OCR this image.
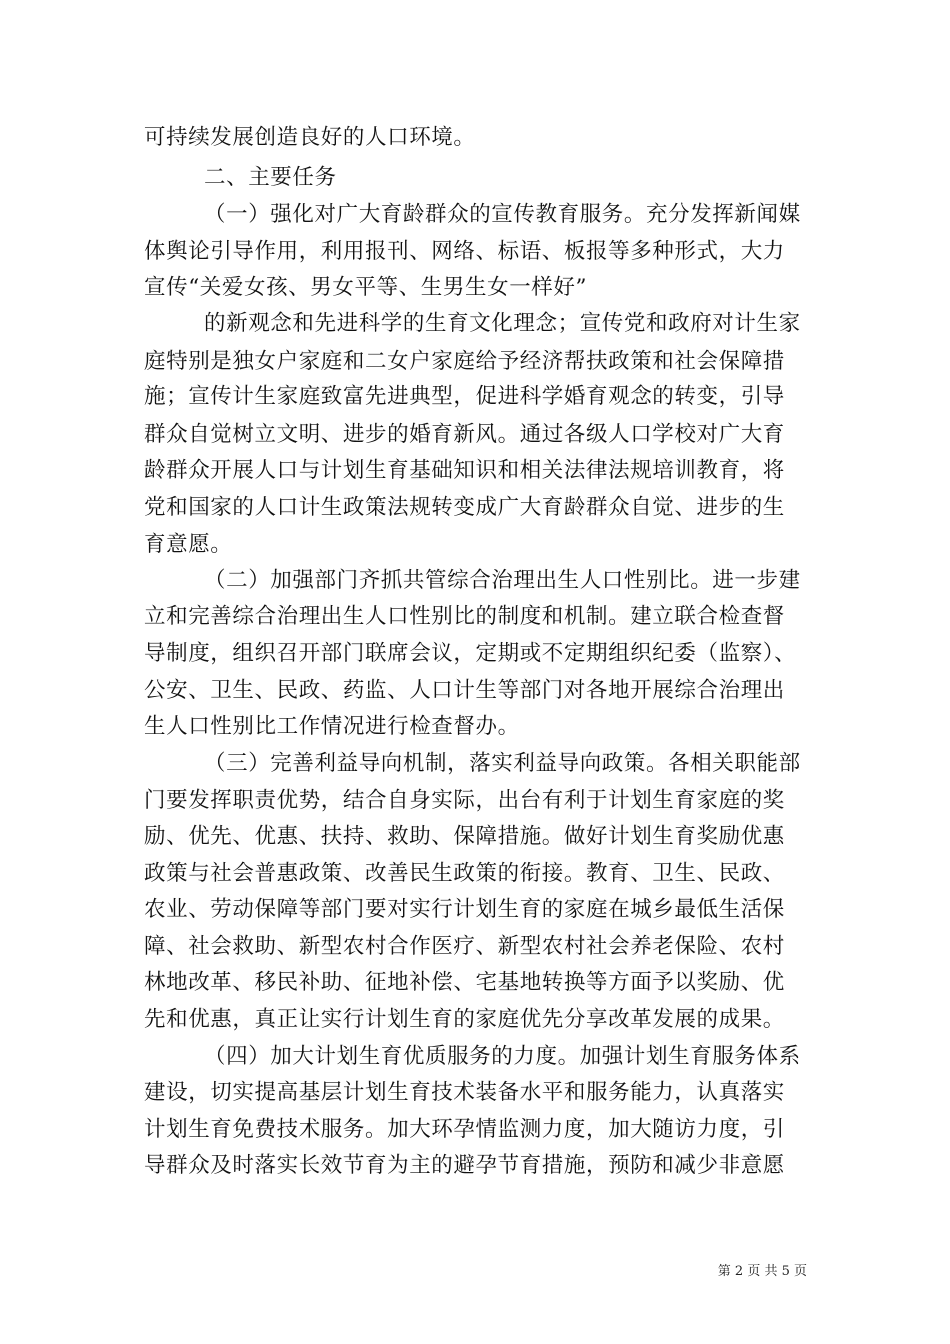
可持续发展创造良好的人口环境。
二、主要任务
（一）强化对广大育龄群众的宣传教育服务。充分发挥新闻媒
体舆论引导作用，利用报刊、网络、标语、板报等多种形式，大力
宣传“关爱女孩、男女平等、生男生女一样好”
的新观念和先进科学的生育文化理念；宣传党和政府对计生家
庭特别是独女户家庭和二女户家庭给予经济帮扶政策和社会保障措
施；宣传计生家庭致富先进典型，促进科学婚育观念的转变，引导
群众自觉树立文明、进步的婚育新风。通过各级人口学校对广大育
龄群众开展人口与计划生育基础知识和相关法律法规培训教育，将
党和国家的人口计生政策法规转变成广大育龄群众自觉、进步的生
育意愿。
（二）加强部门齐抓共管综合治理出生人口性别比。进一步建
立和完善综合治理出生人口性别比的制度和机制。建立联合检查督
导制度，组织召开部门联席会议，定期或不定期组织纪委（监察）、
公安、卫生、民政、药监、人口计生等部门对各地开展综合治理出
生人口性别比工作情况进行检查督办。
（三）完善利益导向机制，落实利益导向政策。各相关职能部
门要发挥职责优势，结合自身实际，出台有利于计划生育家庭的奖
励、优先、优惠、扶持、救助、保障措施。做好计划生育奖励优惠
政策与社会普惠政策、改善民生政策的衔接。教育、卫生、民政、
农业、劳动保障等部门要对实行计划生育的家庭在城乡最低生活保
障、社会救助、新型农村合作医疗、新型农村社会养老保险、农村
林地改革、移民补助、征地补偿、宅基地转换等方面予以奖励、优
先和优惠，真正让实行计划生育的家庭优先分享改革发展的成果。
（四）加大计划生育优质服务的力度。加强计划生育服务体系
建设，切实提高基层计划生育技术装备水平和服务能力，认真落实
计划生育免费技术服务。加大环孕情监测力度，加大随访力度，引
导群众及时落实长效节育为主的避孕节育措施，预防和减少非意愿
第 2 页 共 5 页
